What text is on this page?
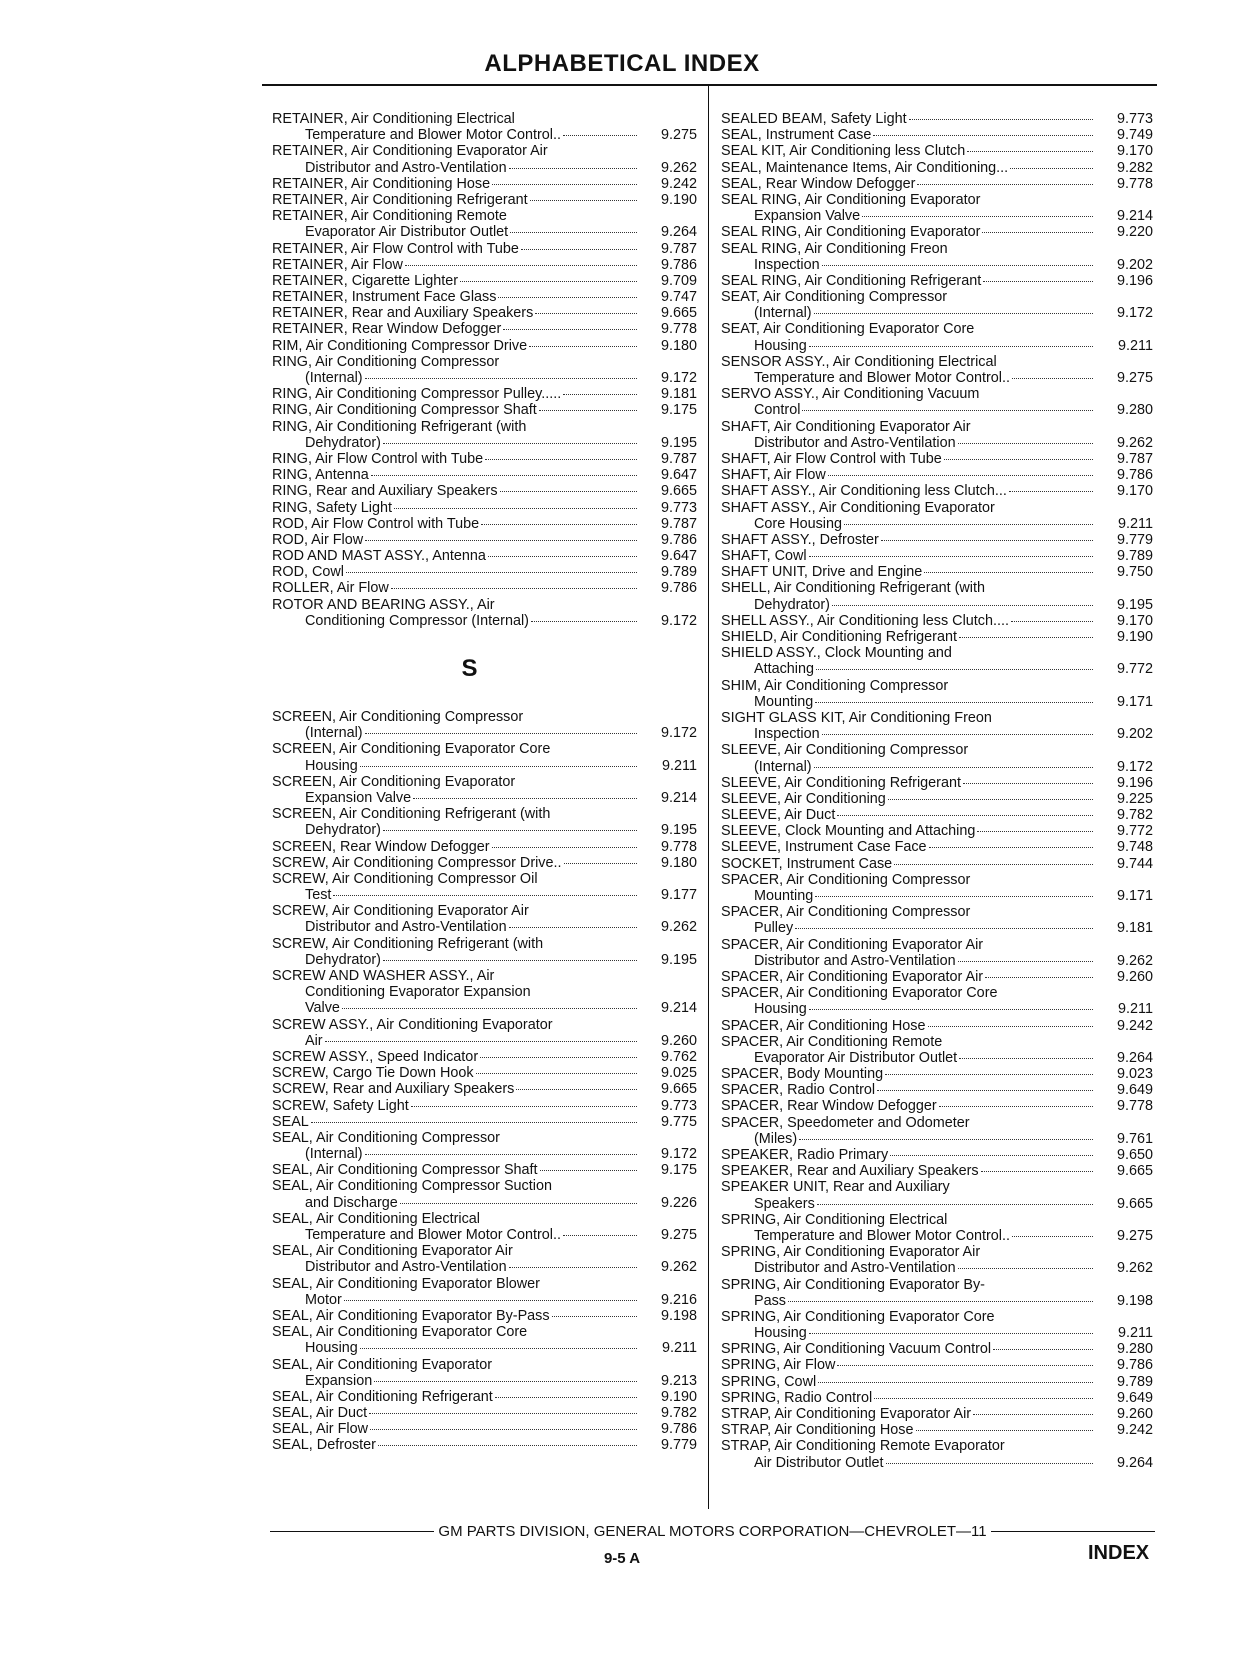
ALPHABETICAL INDEX
RETAINER, Air Conditioning Electrical
Temperature and Blower Motor Control..	9.275
RETAINER, Air Conditioning Evaporator Air
Distributor and Astro-Ventilation	9.262
RETAINER, Air Conditioning Hose	9.242
RETAINER, Air Conditioning Refrigerant	9.190
RETAINER, Air Conditioning Remote
Evaporator Air Distributor Outlet	9.264
RETAINER, Air Flow Control with Tube	9.787
RETAINER, Air Flow	9.786
RETAINER, Cigarette Lighter	9.709
RETAINER, Instrument Face Glass	9.747
RETAINER, Rear and Auxiliary Speakers	9.665
RETAINER, Rear Window Defogger	9.778
RIM, Air Conditioning Compressor Drive	9.180
RING, Air Conditioning Compressor
(Internal)	9.172
RING, Air Conditioning Compressor Pulley.....	9.181
RING, Air Conditioning Compressor Shaft	9.175
RING, Air Conditioning Refrigerant (with
Dehydrator)	9.195
RING, Air Flow Control with Tube	9.787
RING, Antenna	9.647
RING, Rear and Auxiliary Speakers	9.665
RING, Safety Light	9.773
ROD, Air Flow Control with Tube	9.787
ROD, Air Flow	9.786
ROD AND MAST ASSY., Antenna	9.647
ROD, Cowl	9.789
ROLLER, Air Flow	9.786
ROTOR AND BEARING ASSY., Air
Conditioning Compressor (Internal)	9.172
S
SCREEN, Air Conditioning Compressor
(Internal)	9.172
SCREEN, Air Conditioning Evaporator Core
Housing	9.211
SCREEN, Air Conditioning Evaporator
Expansion Valve	9.214
SCREEN, Air Conditioning Refrigerant (with
Dehydrator)	9.195
SCREEN, Rear Window Defogger	9.778
SCREW, Air Conditioning Compressor Drive..	9.180
SCREW, Air Conditioning Compressor Oil
Test	9.177
SCREW, Air Conditioning Evaporator Air
Distributor and Astro-Ventilation	9.262
SCREW, Air Conditioning Refrigerant (with
Dehydrator)	9.195
SCREW AND WASHER ASSY., Air
Conditioning Evaporator Expansion
Valve	9.214
SCREW ASSY., Air Conditioning Evaporator
Air	9.260
SCREW ASSY., Speed Indicator	9.762
SCREW, Cargo Tie Down Hook	9.025
SCREW, Rear and Auxiliary Speakers	9.665
SCREW, Safety Light	9.773
SEAL	9.775
SEAL, Air Conditioning Compressor
(Internal)	9.172
SEAL, Air Conditioning Compressor Shaft	9.175
SEAL, Air Conditioning Compressor Suction
and Discharge	9.226
SEAL, Air Conditioning Electrical
Temperature and Blower Motor Control..	9.275
SEAL, Air Conditioning Evaporator Air
Distributor and Astro-Ventilation	9.262
SEAL, Air Conditioning Evaporator Blower
Motor	9.216
SEAL, Air Conditioning Evaporator By-Pass	9.198
SEAL, Air Conditioning Evaporator Core
Housing	9.211
SEAL, Air Conditioning Evaporator
Expansion	9.213
SEAL, Air Conditioning Refrigerant	9.190
SEAL, Air Duct	9.782
SEAL, Air Flow	9.786
SEAL, Defroster	9.779
SEALED BEAM, Safety Light	9.773
SEAL, Instrument Case	9.749
SEAL KIT, Air Conditioning less Clutch	9.170
SEAL, Maintenance Items, Air Conditioning...	9.282
SEAL, Rear Window Defogger	9.778
SEAL RING, Air Conditioning Evaporator
Expansion Valve	9.214
SEAL RING, Air Conditioning Evaporator	9.220
SEAL RING, Air Conditioning Freon
Inspection	9.202
SEAL RING, Air Conditioning Refrigerant	9.196
SEAT, Air Conditioning Compressor
(Internal)	9.172
SEAT, Air Conditioning Evaporator Core
Housing	9.211
SENSOR ASSY., Air Conditioning Electrical
Temperature and Blower Motor Control..	9.275
SERVO ASSY., Air Conditioning Vacuum
Control	9.280
SHAFT, Air Conditioning Evaporator Air
Distributor and Astro-Ventilation	9.262
SHAFT, Air Flow Control with Tube	9.787
SHAFT, Air Flow	9.786
SHAFT ASSY., Air Conditioning less Clutch...	9.170
SHAFT ASSY., Air Conditioning Evaporator
Core Housing	9.211
SHAFT ASSY., Defroster	9.779
SHAFT, Cowl	9.789
SHAFT UNIT, Drive and Engine	9.750
SHELL, Air Conditioning Refrigerant (with
Dehydrator)	9.195
SHELL ASSY., Air Conditioning less Clutch....	9.170
SHIELD, Air Conditioning Refrigerant	9.190
SHIELD ASSY., Clock Mounting and
Attaching	9.772
SHIM, Air Conditioning Compressor
Mounting	9.171
SIGHT GLASS KIT, Air Conditioning Freon
Inspection	9.202
SLEEVE, Air Conditioning Compressor
(Internal)	9.172
SLEEVE, Air Conditioning Refrigerant	9.196
SLEEVE, Air Conditioning	9.225
SLEEVE, Air Duct	9.782
SLEEVE, Clock Mounting and Attaching	9.772
SLEEVE, Instrument Case Face	9.748
SOCKET, Instrument Case	9.744
SPACER, Air Conditioning Compressor
Mounting	9.171
SPACER, Air Conditioning Compressor
Pulley	9.181
SPACER, Air Conditioning Evaporator Air
Distributor and Astro-Ventilation	9.262
SPACER, Air Conditioning Evaporator Air	9.260
SPACER, Air Conditioning Evaporator Core
Housing	9.211
SPACER, Air Conditioning Hose	9.242
SPACER, Air Conditioning Remote
Evaporator Air Distributor Outlet	9.264
SPACER, Body Mounting	9.023
SPACER, Radio Control	9.649
SPACER, Rear Window Defogger	9.778
SPACER, Speedometer and Odometer
(Miles)	9.761
SPEAKER, Radio Primary	9.650
SPEAKER, Rear and Auxiliary Speakers	9.665
SPEAKER UNIT, Rear and Auxiliary
Speakers	9.665
SPRING, Air Conditioning Electrical
Temperature and Blower Motor Control..	9.275
SPRING, Air Conditioning Evaporator Air
Distributor and Astro-Ventilation	9.262
SPRING, Air Conditioning Evaporator By-
Pass	9.198
SPRING, Air Conditioning Evaporator Core
Housing	9.211
SPRING, Air Conditioning Vacuum Control	9.280
SPRING, Air Flow	9.786
SPRING, Cowl	9.789
SPRING, Radio Control	9.649
STRAP, Air Conditioning Evaporator Air	9.260
STRAP, Air Conditioning Hose	9.242
STRAP, Air Conditioning Remote Evaporator
Air Distributor Outlet	9.264
GM PARTS DIVISION, GENERAL MOTORS CORPORATION—CHEVROLET—11
9-5 A	INDEX
